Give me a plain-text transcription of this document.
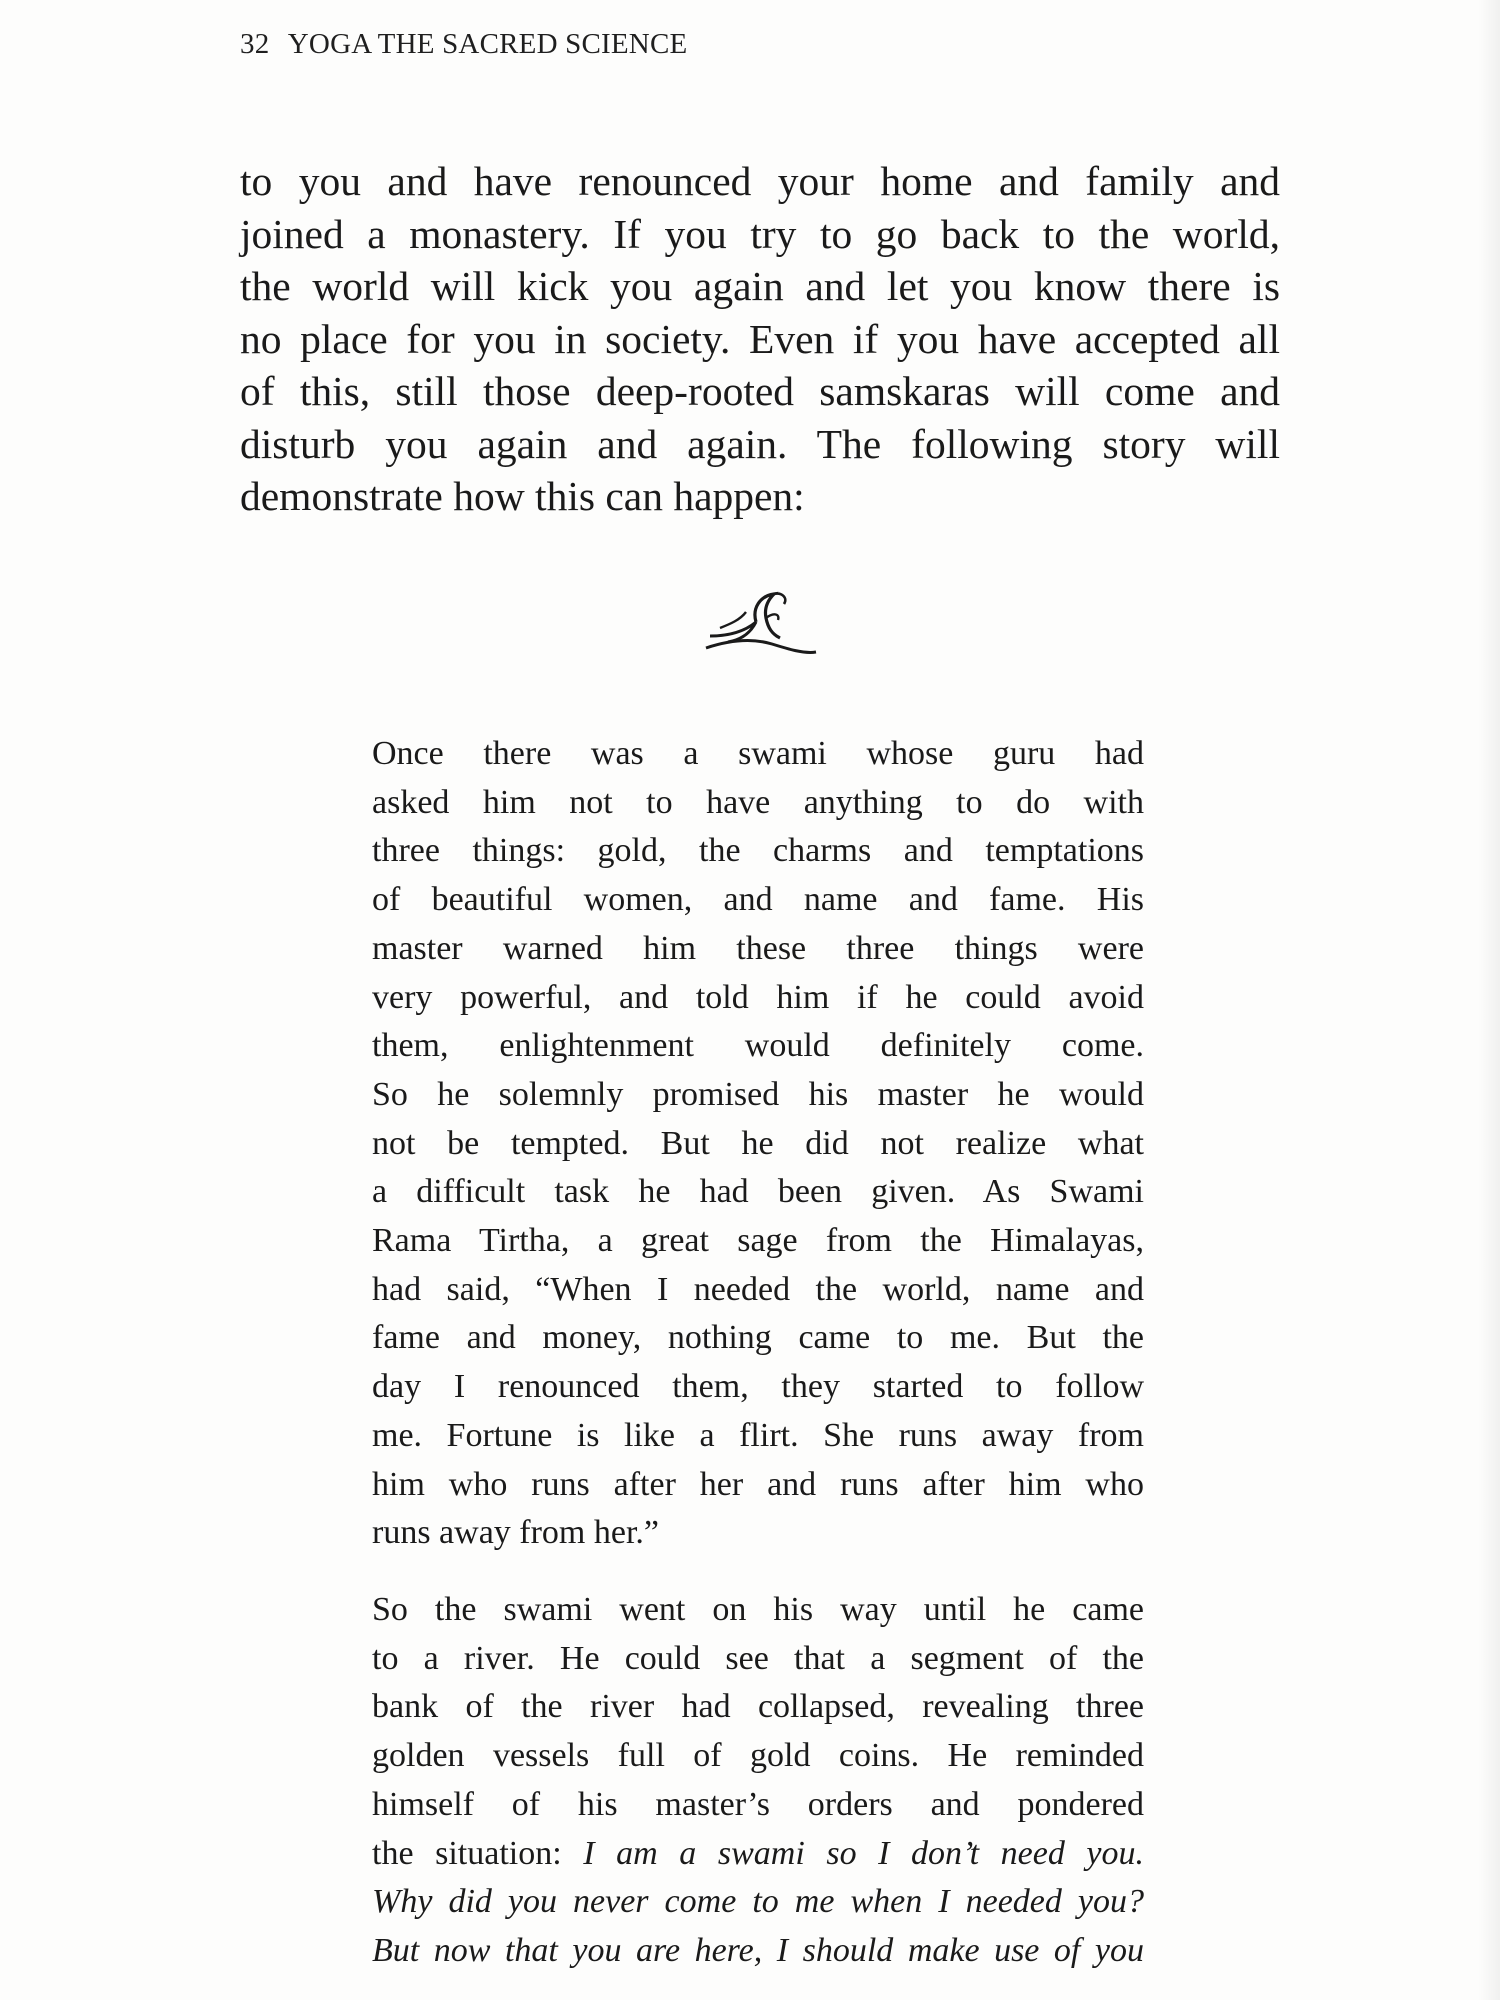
32 YOGA THE SACRED SCIENCE
to you and have renounced your home and family and
joined a monastery. If you try to go back to the world,
the world will kick you again and let you know there is
no place for you in society. Even if you have accepted all
of this, still those deep-rooted samskaras will come and
disturb you again and again. The following story will
demonstrate how this can happen:
Once there was a swami whose guru had
asked him not to have anything to do with
three things: gold, the charms and temptations
of beautiful women, and name and fame. His
master warned him these three things were
very powerful, and told him if he could avoid
them, enlightenment would definitely come.
So he solemnly promised his master he would
not be tempted. But he did not realize what
a difficult task he had been given. As Swami
Rama Tirtha, a great sage from the Himalayas,
had said, “When I needed the world, name and
fame and money, nothing came to me. But the
day I renounced them, they started to follow
me. Fortune is like a flirt. She runs away from
him who runs after her and runs after him who
runs away from her.”
So the swami went on his way until he came
to a river. He could see that a segment of the
bank of the river had collapsed, revealing three
golden vessels full of gold coins. He reminded
himself of his master’s orders and pondered
the situation: I am a swami so I don’t need you.
Why did you never come to me when I needed you?
But now that you are here, I should make use of you
